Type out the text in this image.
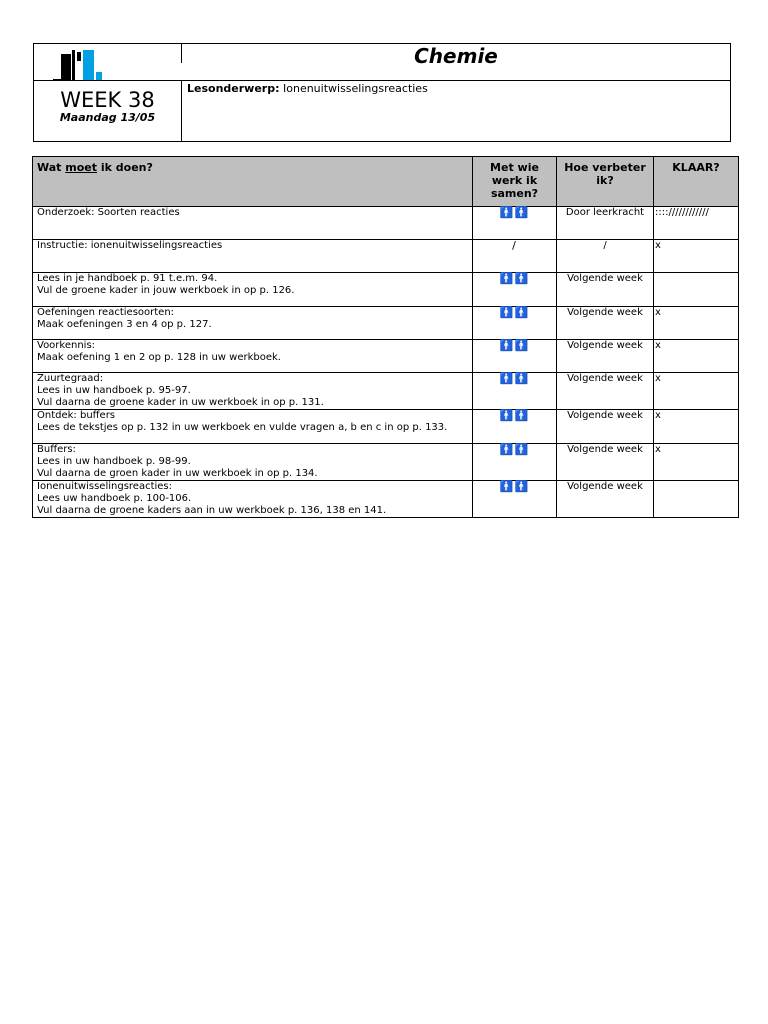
Chemie
WEEK 38
Maandag 13/05
Lesonderwerp: Ionenuitwisselingsreacties
Wat moet ik doen?	Met wie werk ik samen?	Hoe verbeter ik?	KLAAR?

Onderzoek: Soorten reacties	🚹🚹	Door leerkracht	::::////////////

Instructie: ionenuitwisselingsreacties	/	/	x

Lees in je handboek p. 91 t.e.m. 94.
Vul de groene kader in jouw werkboek in op p. 126.	🚹🚹	Volgende week	

Oefeningen reactiesoorten:
Maak oefeningen 3 en 4 op p. 127.	🚹🚹	Volgende week	x

Voorkennis:
Maak oefening 1 en 2 op p. 128 in uw werkboek.	🚹🚹	Volgende week	x

Zuurtegraad:
Lees in uw handboek p. 95-97.
Vul daarna de groene kader in uw werkboek in op p. 131.	🚹🚹	Volgende week	x

Ontdek: buffers
Lees de tekstjes op p. 132 in uw werkboek en vulde vragen a, b en c in op p. 133.	🚹🚹	Volgende week	x

Buffers:
Lees in uw handboek p. 98-99.
Vul daarna de groen kader in uw werkboek in op p. 134.	🚹🚹	Volgende week	x

Ionenuitwisselingsreacties:
Lees uw handboek p. 100-106.
Vul daarna de groene kaders aan in uw werkboek p. 136, 138 en 141.	🚹🚹	Volgende week	
